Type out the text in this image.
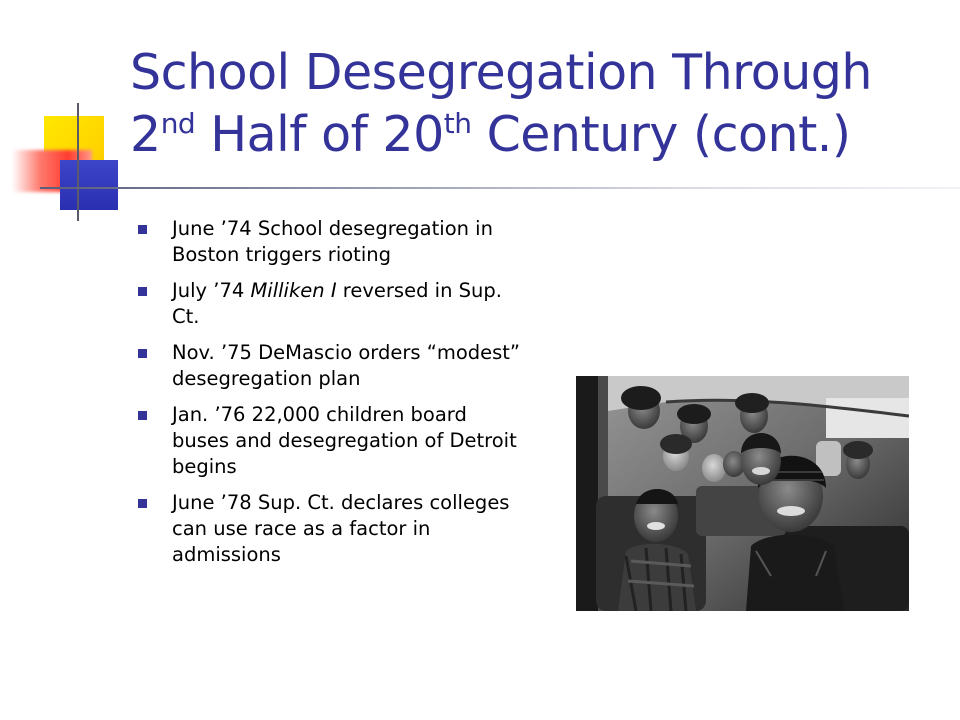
School Desegregation Through
2nd Half of 20th Century (cont.)
June ’74 School desegregation in Boston triggers rioting
July ’74 Milliken I reversed in Sup. Ct.
Nov. ’75 DeMascio orders “modest” desegregation plan
Jan. ’76 22,000 children board buses and desegregation of Detroit begins
June ’78 Sup. Ct. declares colleges can use race as a factor in admissions
